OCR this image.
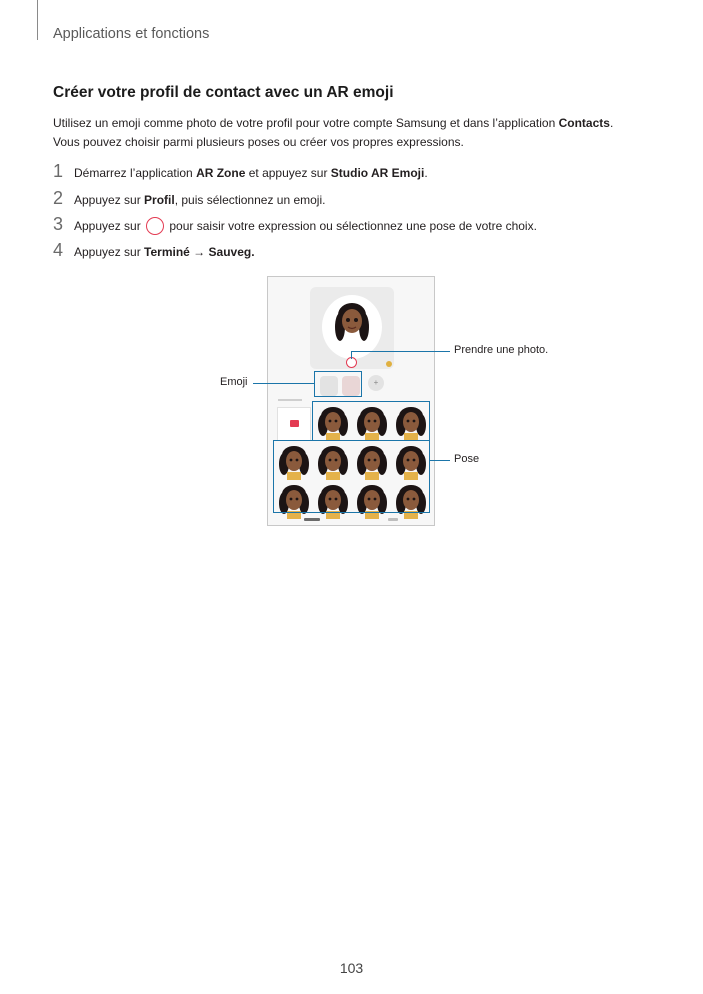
Applications et fonctions
Créer votre profil de contact avec un AR emoji
Utilisez un emoji comme photo de votre profil pour votre compte Samsung et dans l’application Contacts.
Vous pouvez choisir parmi plusieurs poses ou créer vos propres expressions.
1 Démarrez l’application AR Zone et appuyez sur Studio AR Emoji.
2 Appuyez sur Profil, puis sélectionnez un emoji.
3 Appuyez sur  pour saisir votre expression ou sélectionnez une pose de votre choix.
4 Appuyez sur Terminé → Sauveg.
+
Prendre une photo.
Emoji
Pose
103
